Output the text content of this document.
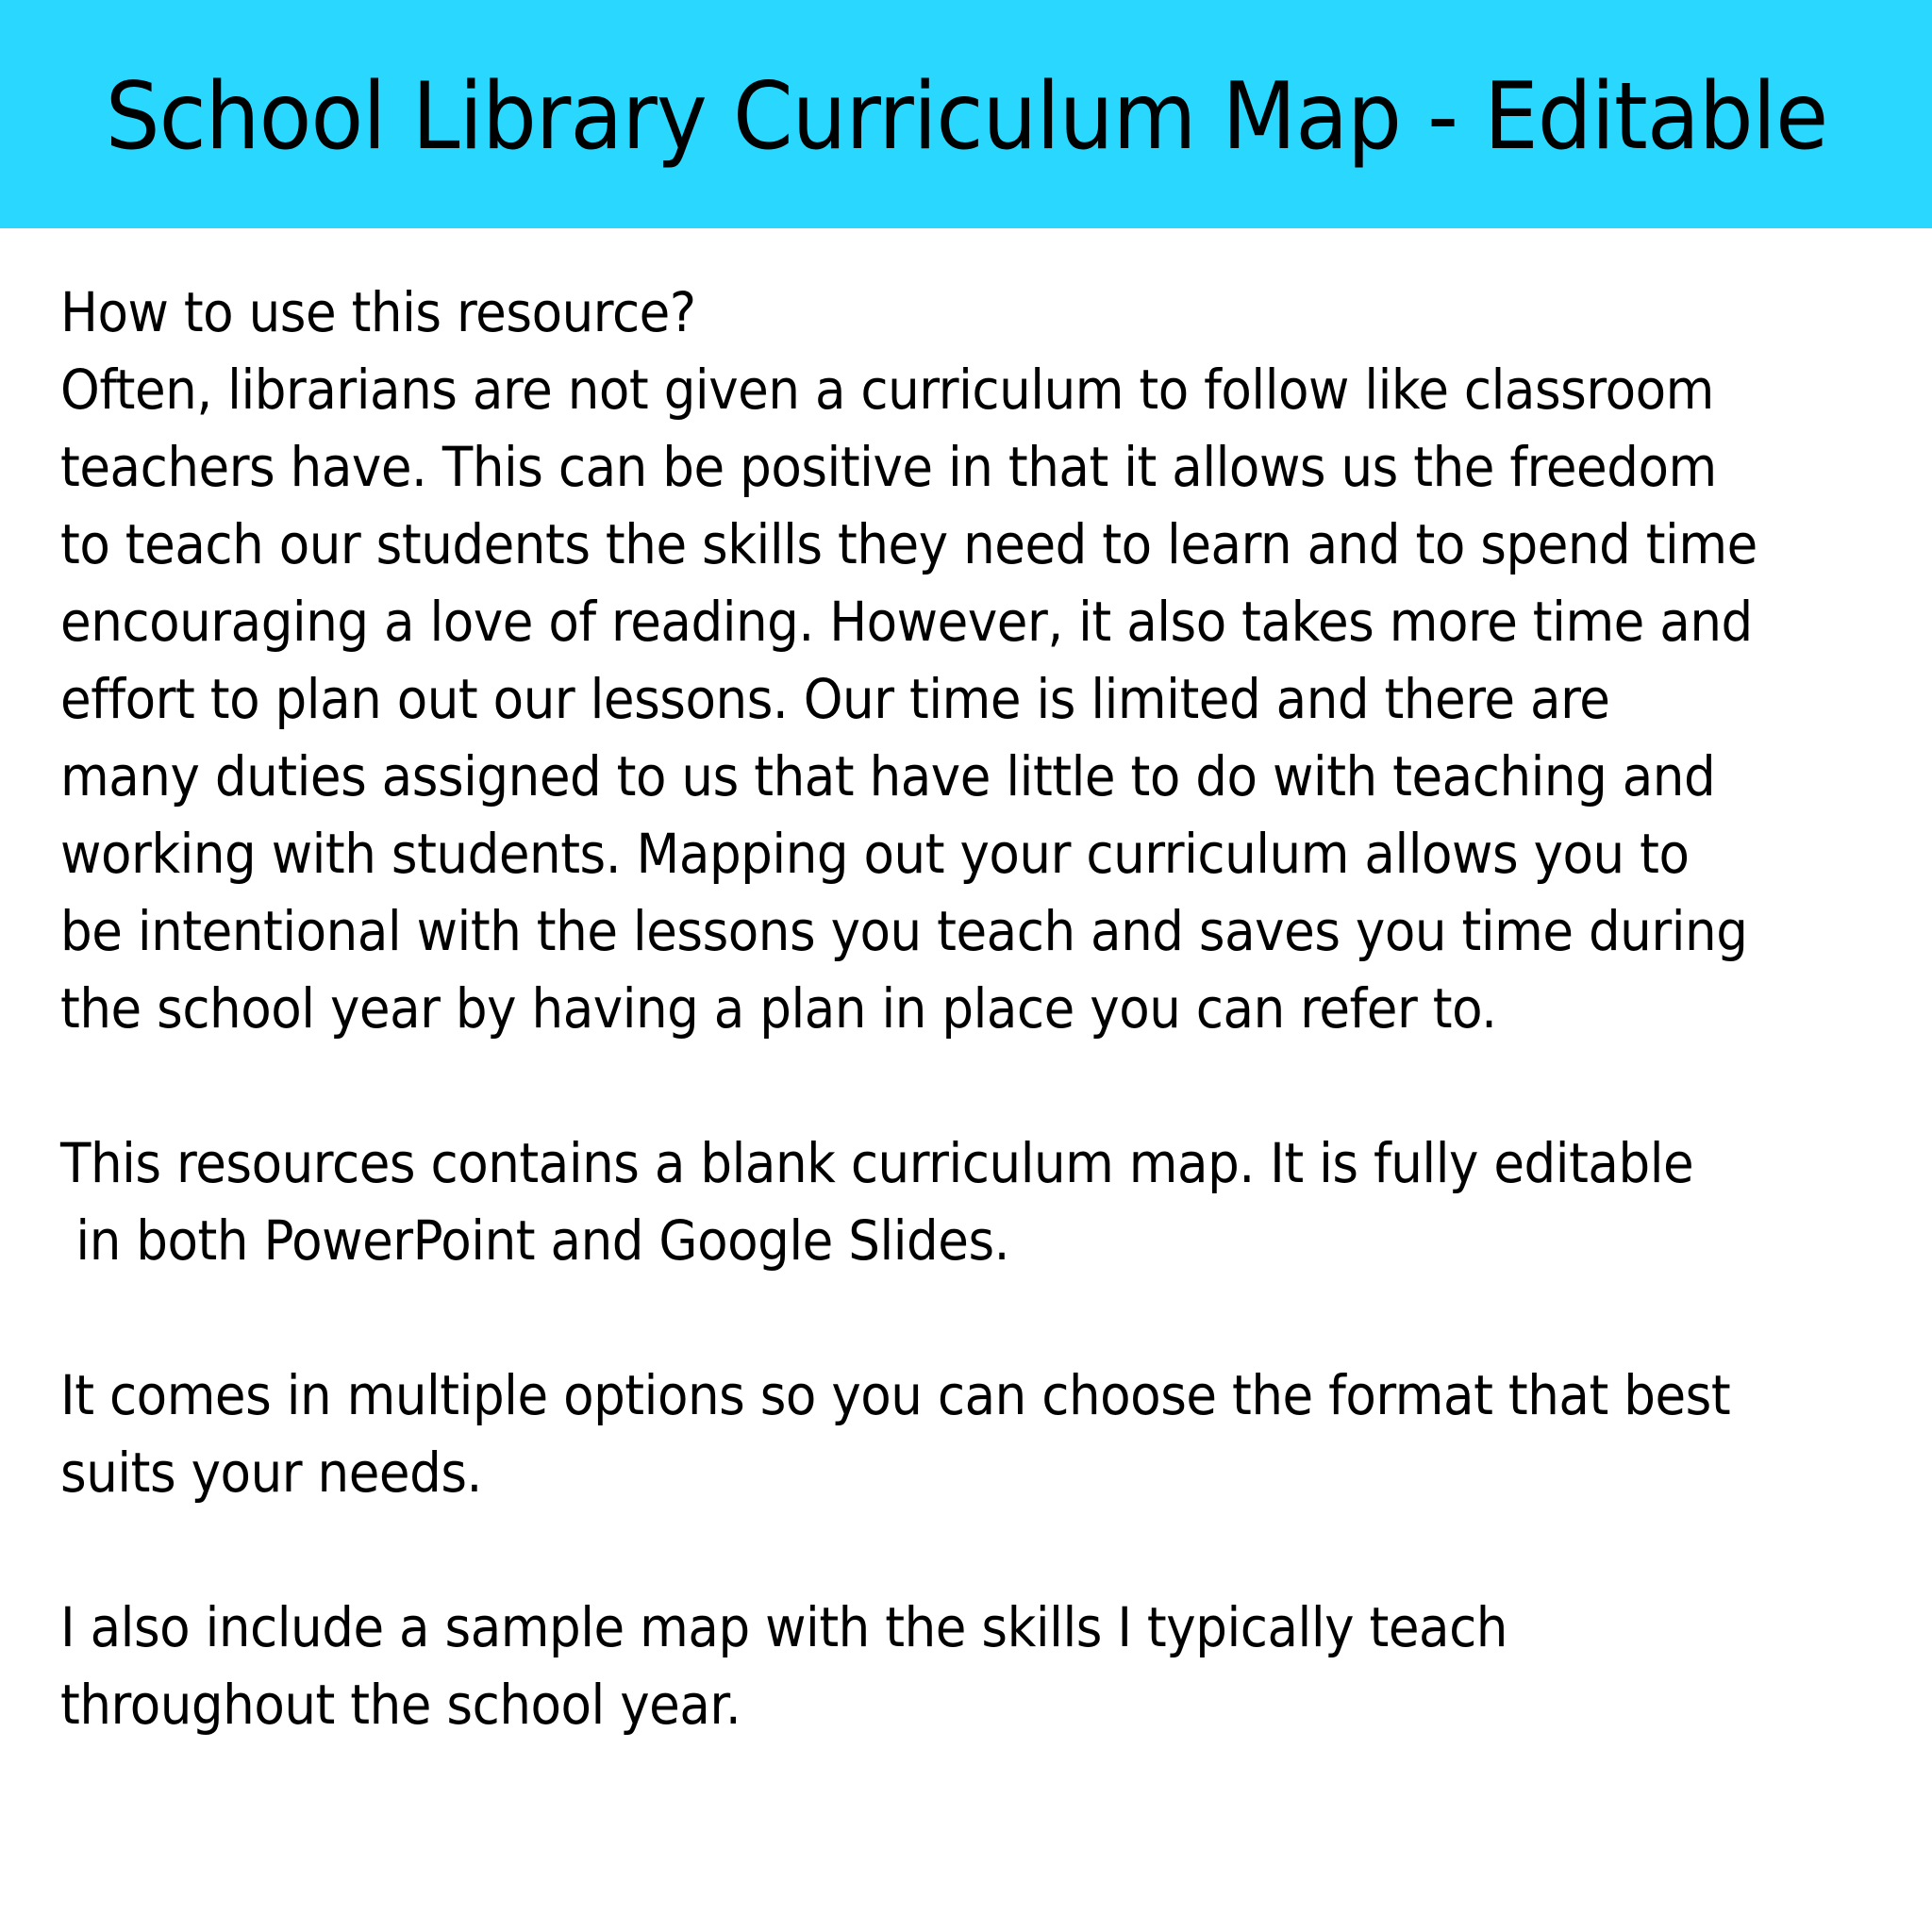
School Library Curriculum Map - Editable
How to use this resource?
Often, librarians are not given a curriculum to follow like classroom
teachers have. This can be positive in that it allows us the freedom
to teach our students the skills they need to learn and to spend time
encouraging a love of reading. However, it also takes more time and
effort to plan out our lessons. Our time is limited and there are
many duties assigned to us that have little to do with teaching and
working with students. Mapping out your curriculum allows you to
be intentional with the lessons you teach and saves you time during
the school year by having a plan in place you can refer to.
This resources contains a blank curriculum map. It is fully editable
in both PowerPoint and Google Slides.
It comes in multiple options so you can choose the format that best
suits your needs.
I also include a sample map with the skills I typically teach
throughout the school year.
